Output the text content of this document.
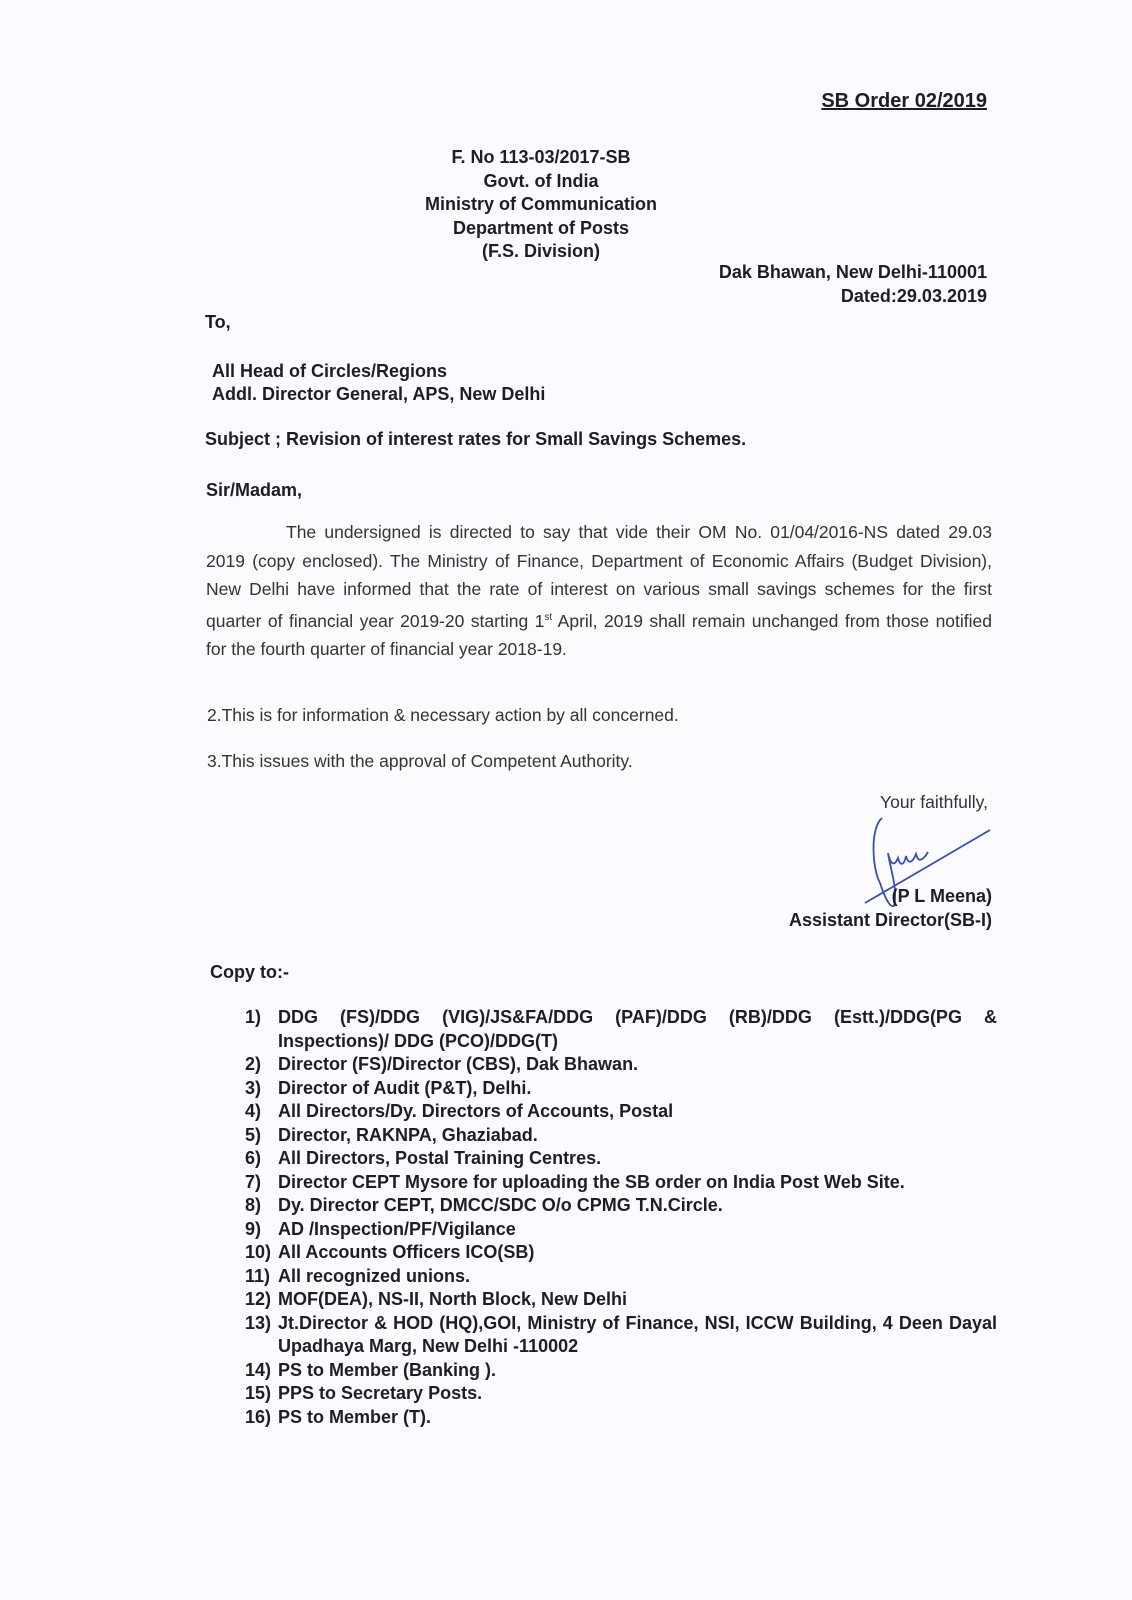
SB Order 02/2019
F. No 113-03/2017-SB
Govt. of India
Ministry of Communication
Department of Posts
(F.S. Division)
Dak Bhawan, New Delhi-110001
Dated:29.03.2019
To,
All Head of Circles/Regions
Addl. Director General, APS, New Delhi
Subject ; Revision of interest rates for Small Savings Schemes.
Sir/Madam,
The undersigned is directed to say that vide their OM No. 01/04/2016-NS dated 29.03 2019 (copy enclosed). The Ministry of Finance, Department of Economic Affairs (Budget Division), New Delhi have informed that the rate of interest on various small savings schemes for the first quarter of financial year 2019-20 starting 1st April, 2019 shall remain unchanged from those notified for the fourth quarter of financial year 2018-19.
2.This is for information & necessary action by all concerned.
3.This issues with the approval of Competent Authority.
Your faithfully,
(P L Meena)
Assistant Director(SB-I)
Copy to:-
1) DDG (FS)/DDG (VIG)/JS&FA/DDG (PAF)/DDG (RB)/DDG (Estt.)/DDG(PG & Inspections)/ DDG (PCO)/DDG(T)
2) Director (FS)/Director (CBS), Dak Bhawan.
3) Director of Audit (P&T), Delhi.
4) All Directors/Dy. Directors of Accounts, Postal
5) Director, RAKNPA, Ghaziabad.
6) All Directors, Postal Training Centres.
7) Director CEPT Mysore for uploading the SB order on India Post Web Site.
8) Dy. Director CEPT, DMCC/SDC O/o CPMG T.N.Circle.
9) AD /Inspection/PF/Vigilance
10) All Accounts Officers ICO(SB)
11) All recognized unions.
12) MOF(DEA), NS-II, North Block, New Delhi
13) Jt.Director & HOD (HQ),GOI, Ministry of Finance, NSI, ICCW Building, 4 Deen Dayal Upadhaya Marg, New Delhi -110002
14) PS to Member (Banking ).
15) PPS to Secretary Posts.
16) PS to Member (T).
